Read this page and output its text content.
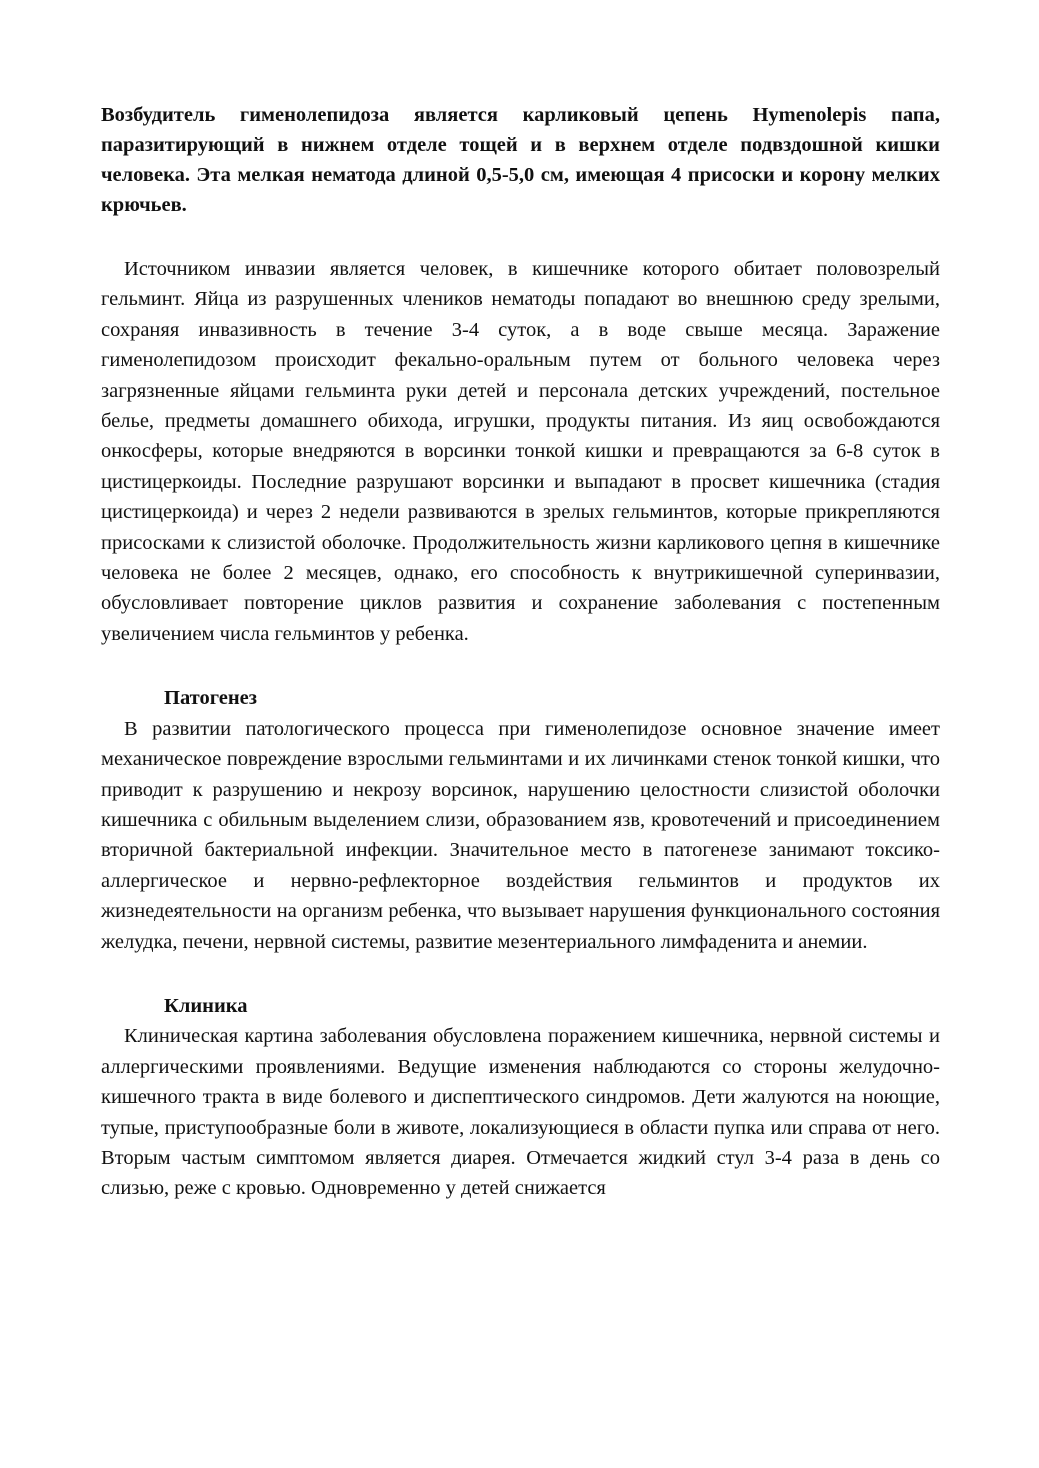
Возбудитель гименолепидоза является карликовый цепень Hymenolepis папа, паразитирующий в нижнем отделе тощей и в верхнем отделе подвздошной кишки человека. Эта мелкая нематода длиной 0,5-5,0 см, имеющая 4 присоски и корону мелких крючьев.

Источником инвазии является человек, в кишечнике которого обитает половозрелый гельминт. Яйца из разрушенных члеников нематоды попадают во внешнюю среду зрелыми, сохраняя инвазивность в течение 3-4 суток, а в воде свыше месяца. Заражение гименолепидозом происходит фекально-оральным путем от больного человека через загрязненные яйцами гельминта руки детей и персонала детских учреждений, постельное белье, предметы домашнего обихода, игрушки, продукты питания. Из яиц освобождаются онкосферы, которые внедряются в ворсинки тонкой кишки и превращаются за 6-8 суток в цистицеркоиды. Последние разрушают ворсинки и выпадают в просвет кишечника (стадия цистицеркоида) и через 2 недели развиваются в зрелых гельминтов, которые прикрепляются присосками к слизистой оболочке. Продолжительность жизни карликового цепня в кишечнике человека не более 2 месяцев, однако, его способность к внутрикишечной суперинвазии, обусловливает повторение циклов развития и сохранение заболевания с постепенным увеличением числа гельминтов у ребенка.

Патогенез

В развитии патологического процесса при гименолепидозе основное значение имеет механическое повреждение взрослыми гельминтами и их личинками стенок тонкой кишки, что приводит к разрушению и некрозу ворсинок, нарушению целостности слизистой оболочки кишечника с обильным выделением слизи, образованием язв, кровотечений и присоединением вторичной бактериальной инфекции. Значительное место в патогенезе занимают токсико-аллергическое и нервно-рефлекторное воздействия гельминтов и продуктов их жизнедеятельности на организм ребенка, что вызывает нарушения функционального состояния желудка, печени, нервной системы, развитие мезентериального лимфаденита и анемии.

Клиника

Клиническая картина заболевания обусловлена поражением кишечника, нервной системы и аллергическими проявлениями. Ведущие изменения наблюдаются со стороны желудочно-кишечного тракта в виде болевого и диспептического синдромов. Дети жалуются на ноющие, тупые, приступообразные боли в животе, локализующиеся в области пупка или справа от него. Вторым частым симптомом является диарея. Отмечается жидкий стул 3-4 раза в день со слизью, реже с кровью. Одновременно у детей снижается
